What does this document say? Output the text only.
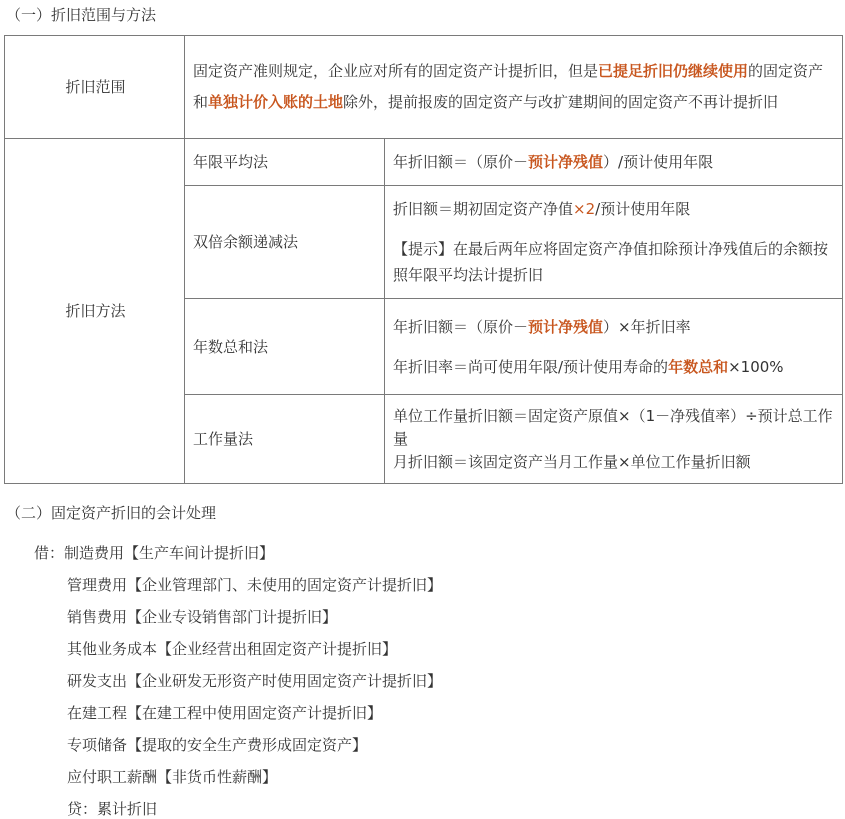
（一）折旧范围与方法
折旧范围	固定资产准则规定，企业应对所有的固定资产计提折旧，但是已提足折旧仍继续使用的固定资产和单独计价入账的土地除外，提前报废的固定资产与改扩建期间的固定资产不再计提折旧	
折旧方法	年限平均法	年折旧额＝（原价－预计净残值）/预计使用年限
	双倍余额递减法	折旧额＝期初固定资产净值×2/预计使用年限
【提示】在最后两年应将固定资产净值扣除预计净残值后的余额按照年限平均法计提折旧

	年数总和法	年折旧额＝（原价－预计净残值）×年折旧率
年折旧率＝尚可使用年限/预计使用寿命的年数总和×100%

	工作量法	单位工作量折旧额＝固定资产原值×（1－净残值率）÷预计总工作量
月折旧额＝该固定资产当月工作量×单位工作量折旧额
（二）固定资产折旧的会计处理
借：制造费用【生产车间计提折旧】
管理费用【企业管理部门、未使用的固定资产计提折旧】
销售费用【企业专设销售部门计提折旧】
其他业务成本【企业经营出租固定资产计提折旧】
研发支出【企业研发无形资产时使用固定资产计提折旧】
在建工程【在建工程中使用固定资产计提折旧】
专项储备【提取的安全生产费形成固定资产】
应付职工薪酬【非货币性薪酬】
贷：累计折旧
